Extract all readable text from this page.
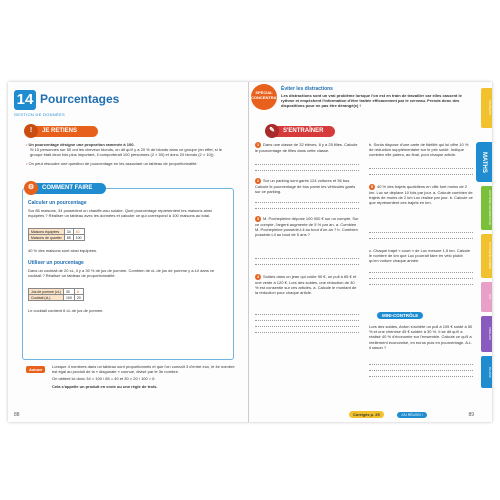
14 Pourcentages
GESTION DE DONNÉES
!	JE RETIENS
• Un pourcentage désigne une proportion ramenée à 100.
Si 10 personnes sur 50 ont les cheveux blonds, on dit qu'il y a 20 % de blonds dans ce groupe (en effet, si le groupe était deux fois plus important, il comporterait 100 personnes (2 × 50) et donc 20 blonds (2 × 10)).
• On peut résoudre une question de pourcentage en les associant un tableau de proportionnalité.
⚙	COMMENT FAIRE
Calculer un pourcentage
Sur 85 maisons, 34 possèdent un chauffe-eau solaire. Quel pourcentage représentent les maisons ainsi équipées ? Réaliser un tableau avec les données et calculer ce qui correspond à 100 maisons au total.
Maisons équipées	34	40
Maisons de quartier	85	100
40 % des maisons sont ainsi équipées.
Utiliser un pourcentage
Dans un cocktail de 20 cL, il y a 30 % de jus de pomme. Combien de cL de jus de pomme y a-t-il dans ce cocktail ? Réaliser un tableau de proportionnalité.
Jus de pomme (cL)	30	6
Cocktail (cL)	100	20
Le cocktail contient 6 cL de jus de pomme.
Astuce
Lorsque 4 nombres dans un tableau sont proportionnels et que l'on connaît 3 d'entre eux, le 4e nombre est égal au produit de la « diagonale » connue, divisé par le 3e nombre.
On obtient ici donc 34 × 100 / 85 = 40 et 30 × 20 / 100 = 6
Cela s'appelle un produit en croix ou une règle de trois.
88
SPÉCIAL CONCENTRATION
Éviter les distractions
Les distractions sont un vrai problème lorsque l'on est en train de travailler car elles cassent le rythme et empêchent l'information d'être traitée efficacement par le cerveau. Prends donc des dispositions pour ne pas être dérangé(e) !
✎	S'ENTRAÎNER
1 Dans une classe de 32 élèves, 8 y a 25 filles. Calcule le pourcentage de filles dans cette classe.
2 Sur un parking sont garés 124 voitures et 36 bus. Calcule le pourcentage de bus parmi les véhicules garés sur ce parking.
3 M. Pochepleine dépose 100 000 € sur un compte. Sur ce compte, l'argent augmente de 5 % par an. a. Combien M. Pochepleine possède-t-il au bout d'un an ? b. Combien possède-t-il au bout de 5 ans ?
4 Soldes dans un jean qui coûte 90 €, un pull à 65 € et une veste à 120 €. Lors des soldes, une réduction de 30 % est consentie sur ces articles. a. Calcule le montant de la réduction pour chaque article.
b. Sonia dispose d'une carte de fidélité qui lui offre 10 % de réduction supplémentaire sur le prix soldé. Indique combien elle paiera, au final, pour chaque article.
5 40 % des trajets quotidiens en ville font moins de 2 km. Luc se déplace 10 fois par jour. a. Calcule combien de trajets de moins de 2 km Luc réalise par jour. b. Calcule ce que représentent ces trajets en km.
c. Chaque trajet « court » de Luc mesure 1,5 km. Calcule le nombre de km que Luc pourrait faire en vélo plutôt qu'en voiture chaque année.
MINI-CONTRÔLE
Lors des soldes, Anton s'achète un pull à 105 € soldé à 50 % et une chemise 45 € soldée à 30 %. Il se dit qu'il a réalisé 40 % d'économie sur l'ensemble. Calcule ce qu'il a réellement économisé, en euros puis en pourcentage. A-t-il raison ?
Corrigés p. 29	J'AI RÉUSSI !	89
FRANÇAIS
MATHS
HISTOIRE-GÉOGRAPHIE
PHYSIQUE-CHIMIE
SVT
ANGLAIS
BILANS
